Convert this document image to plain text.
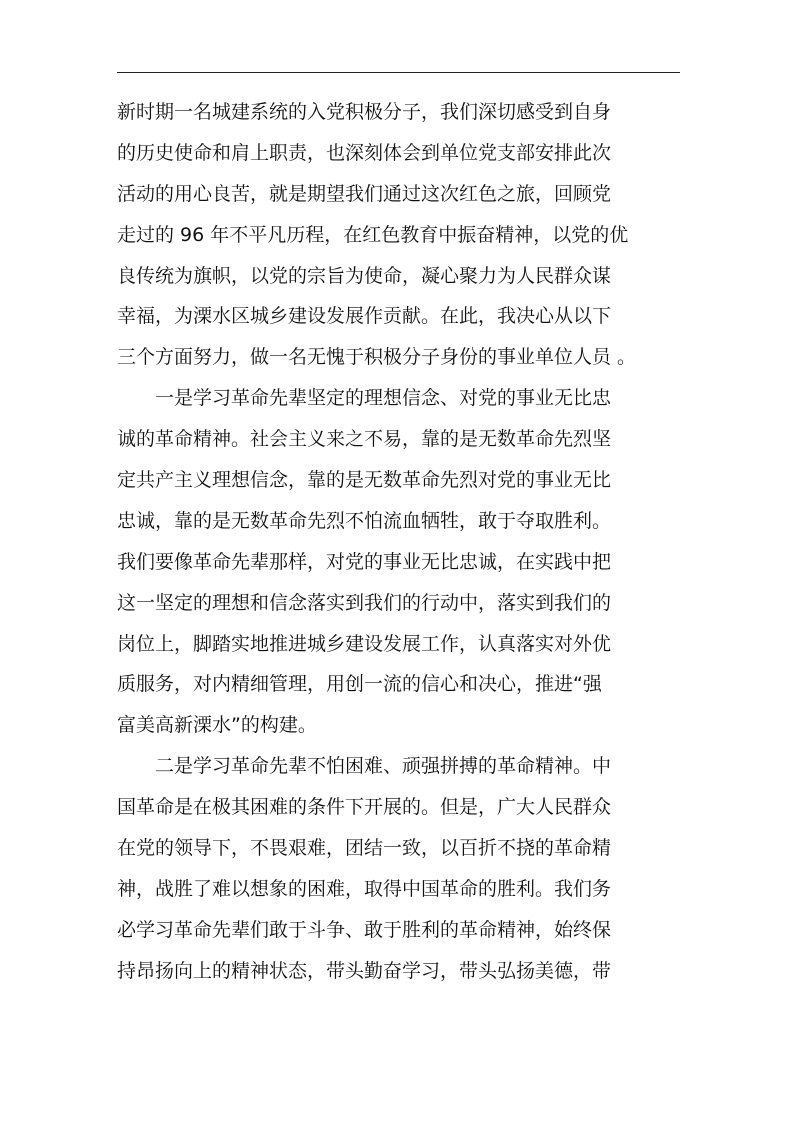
新时期一名城建系统的入党积极分子，我们深切感受到自身
的历史使命和肩上职责，也深刻体会到单位党支部安排此次
活动的用心良苦，就是期望我们通过这次红色之旅，回顾党
走过的 96 年不平凡历程，在红色教育中振奋精神，以党的优
良传统为旗帜，以党的宗旨为使命，凝心聚力为人民群众谋
幸福，为溧水区城乡建设发展作贡献。在此，我决心从以下
三个方面努力，做一名无愧于积极分子身份的事业单位人员 。
　　一是学习革命先辈坚定的理想信念、对党的事业无比忠
诚的革命精神。社会主义来之不易，靠的是无数革命先烈坚
定共产主义理想信念，靠的是无数革命先烈对党的事业无比
忠诚，靠的是无数革命先烈不怕流血牺牲，敢于夺取胜利。
我们要像革命先辈那样，对党的事业无比忠诚，在实践中把
这一坚定的理想和信念落实到我们的行动中，落实到我们的
岗位上，脚踏实地推进城乡建设发展工作，认真落实对外优
质服务，对内精细管理，用创一流的信心和决心，推进“强
富美高新溧水”的构建。
　　二是学习革命先辈不怕困难、顽强拼搏的革命精神。中
国革命是在极其困难的条件下开展的。但是，广大人民群众
在党的领导下，不畏艰难，团结一致，以百折不挠的革命精
神，战胜了难以想象的困难，取得中国革命的胜利。我们务
必学习革命先辈们敢于斗争、敢于胜利的革命精神，始终保
持昂扬向上的精神状态，带头勤奋学习，带头弘扬美德，带
